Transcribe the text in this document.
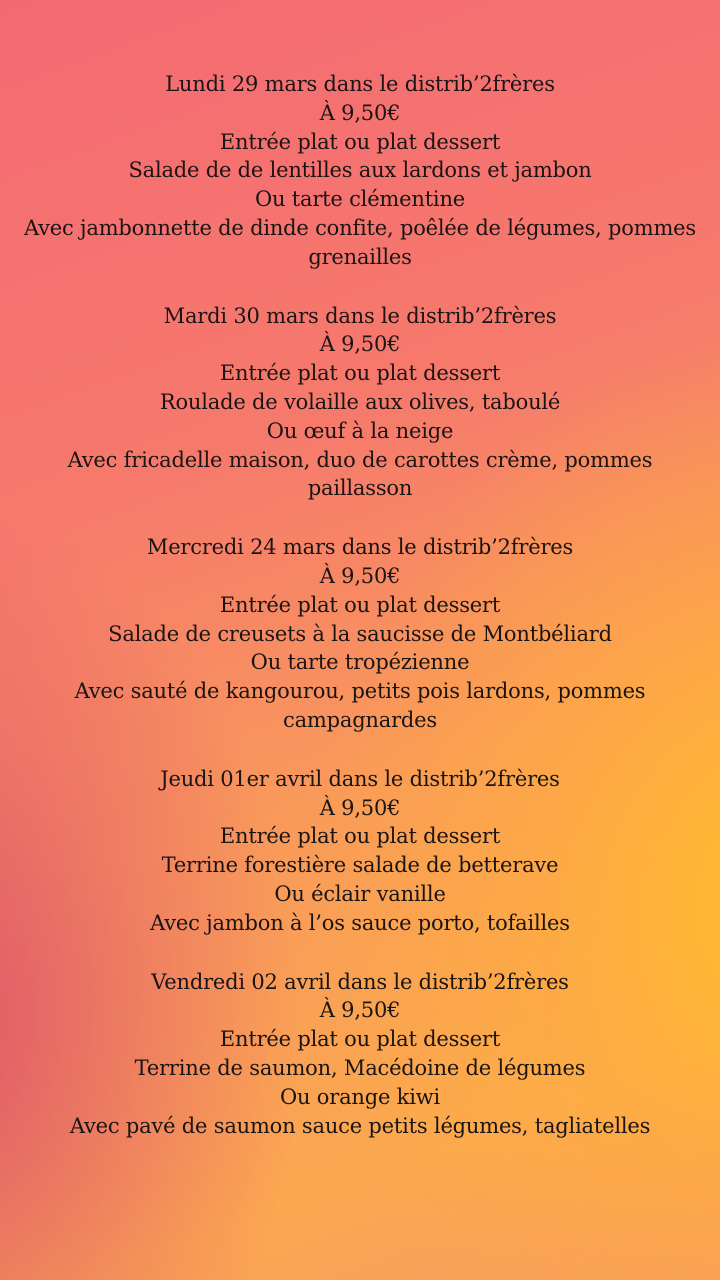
Lundi 29 mars dans le distrib’2frères
À 9,50€
Entrée plat ou plat dessert
Salade de de lentilles aux lardons et jambon
Ou tarte clémentine
Avec jambonnette de dinde confite, poêlée de légumes, pommes grenailles
Mardi 30 mars dans le distrib’2frères
À 9,50€
Entrée plat ou plat dessert
Roulade de volaille aux olives, taboulé
Ou œuf à la neige
Avec fricadelle maison, duo de carottes crème, pommes paillasson
Mercredi 24 mars dans le distrib’2frères
À 9,50€
Entrée plat ou plat dessert
Salade de creusets à la saucisse de Montbéliard
Ou tarte tropézienne
Avec sauté de kangourou, petits pois lardons, pommes campagnardes
Jeudi 01er avril dans le distrib’2frères
À 9,50€
Entrée plat ou plat dessert
Terrine forestière salade de betterave
Ou éclair vanille
Avec jambon à l’os sauce porto, tofailles
Vendredi 02 avril dans le distrib’2frères
À 9,50€
Entrée plat ou plat dessert
Terrine de saumon, Macédoine de légumes
Ou orange kiwi
Avec pavé de saumon sauce petits légumes, tagliatelles
